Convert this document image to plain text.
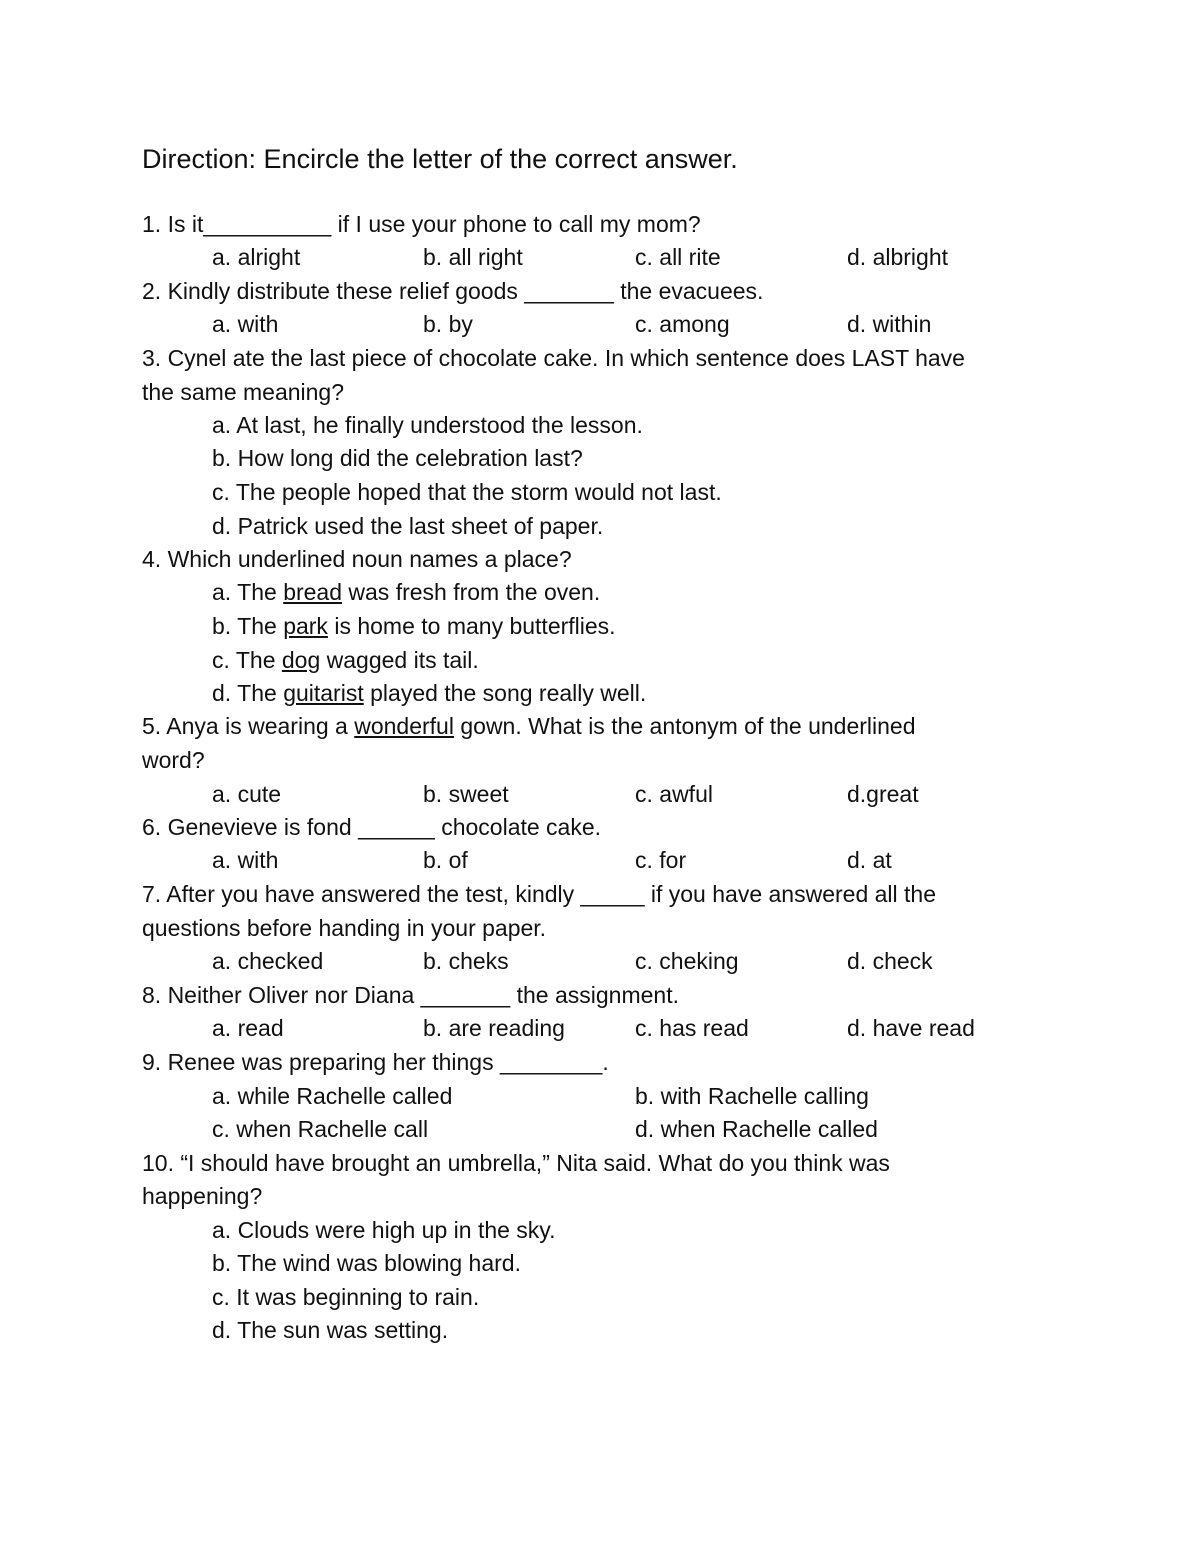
Direction: Encircle the letter of the correct answer.
1. Is it__________ if I use your phone to call my mom?
a. alright	b. all right	c. all rite	d. albright
2. Kindly distribute these relief goods _______ the evacuees.
a. with	b. by	c. among	d. within
3. Cynel ate the last piece of chocolate cake. In which sentence does LAST have
the same meaning?
a. At last, he finally understood the lesson.
b. How long did the celebration last?
c. The people hoped that the storm would not last.
d. Patrick used the last sheet of paper.
4. Which underlined noun names a place?
a. The bread was fresh from the oven.
b. The park is home to many butterflies.
c. The dog wagged its tail.
d. The guitarist played the song really well.
5. Anya is wearing a wonderful gown. What is the antonym of the underlined
word?
a. cute	b. sweet	c. awful	d.great
6. Genevieve is fond ______ chocolate cake.
a. with	b. of	c. for	d. at
7. After you have answered the test, kindly _____ if you have answered all the
questions before handing in your paper.
a. checked	b. cheks	c. cheking	d. check
8. Neither Oliver nor Diana _______ the assignment.
a. read	b. are reading	c. has read	d. have read
9. Renee was preparing her things ________.
a. while Rachelle called	b. with Rachelle calling
c. when Rachelle call	d. when Rachelle called
10. “I should have brought an umbrella,” Nita said. What do you think was
happening?
a. Clouds were high up in the sky.
b. The wind was blowing hard.
c. It was beginning to rain.
d. The sun was setting.
